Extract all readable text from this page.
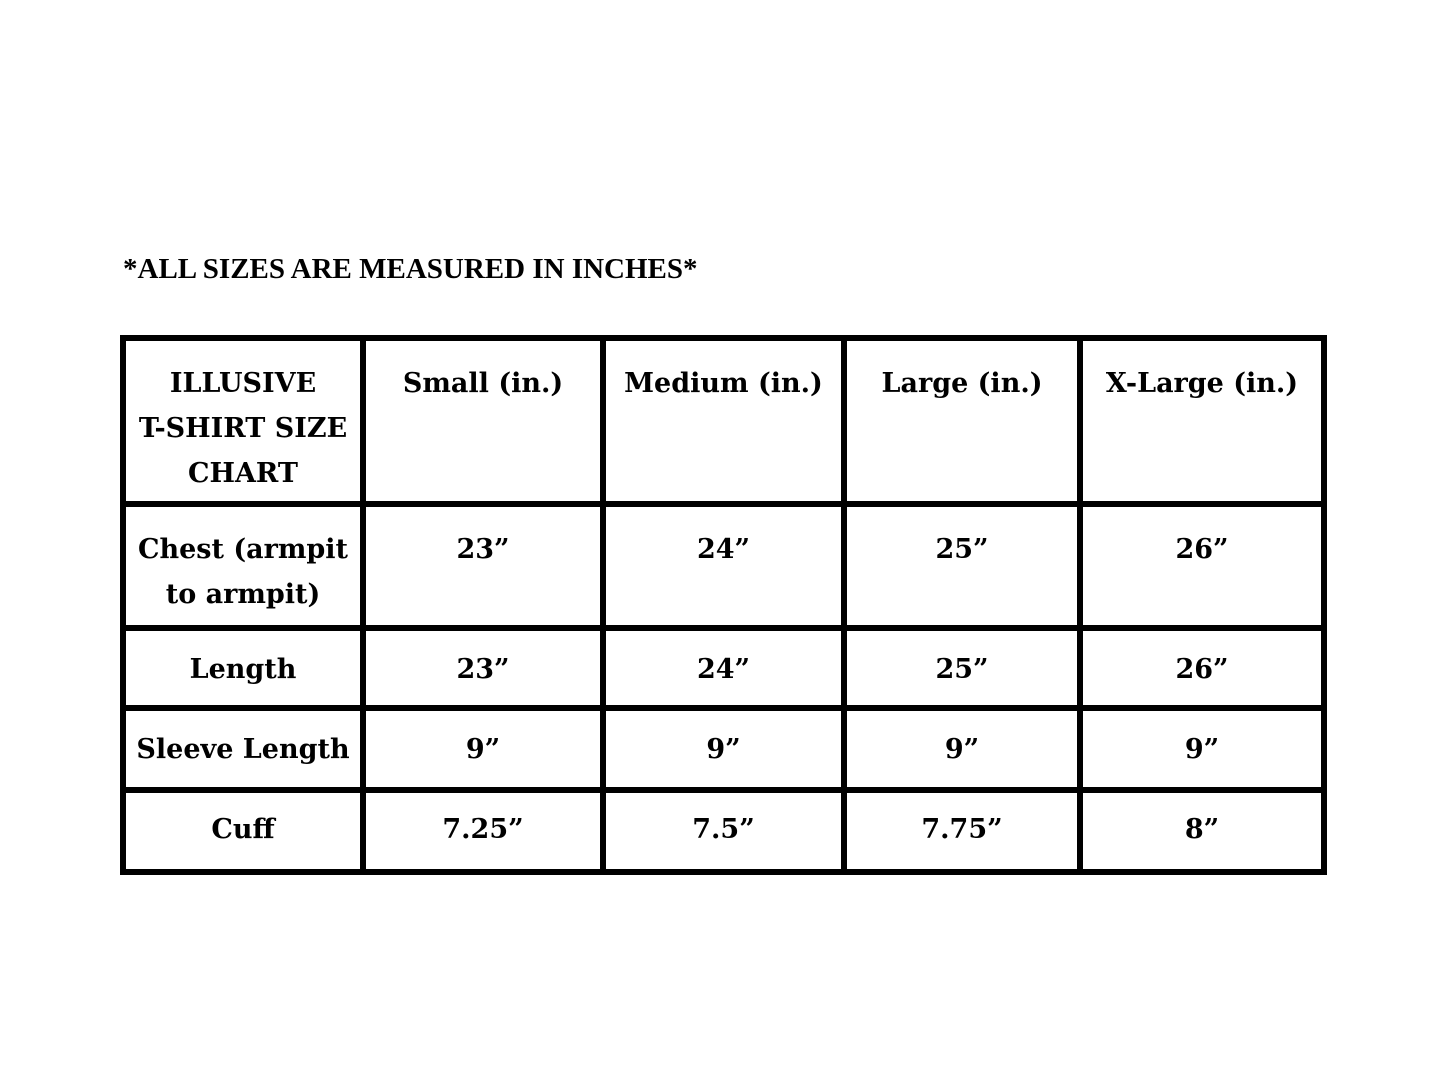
*ALL SIZES ARE MEASURED IN INCHES*

ILLUSIVE
T-SHIRT SIZE
CHART	Small (in.)	Medium (in.)	Large (in.)	X-Large (in.)

Chest (armpit
to armpit)	23”	24”	25”	26”
Length	23”	24”	25”	26”
Sleeve Length	9”	9”	9”	9”
Cuff	7.25”	7.5”	7.75”	8”
